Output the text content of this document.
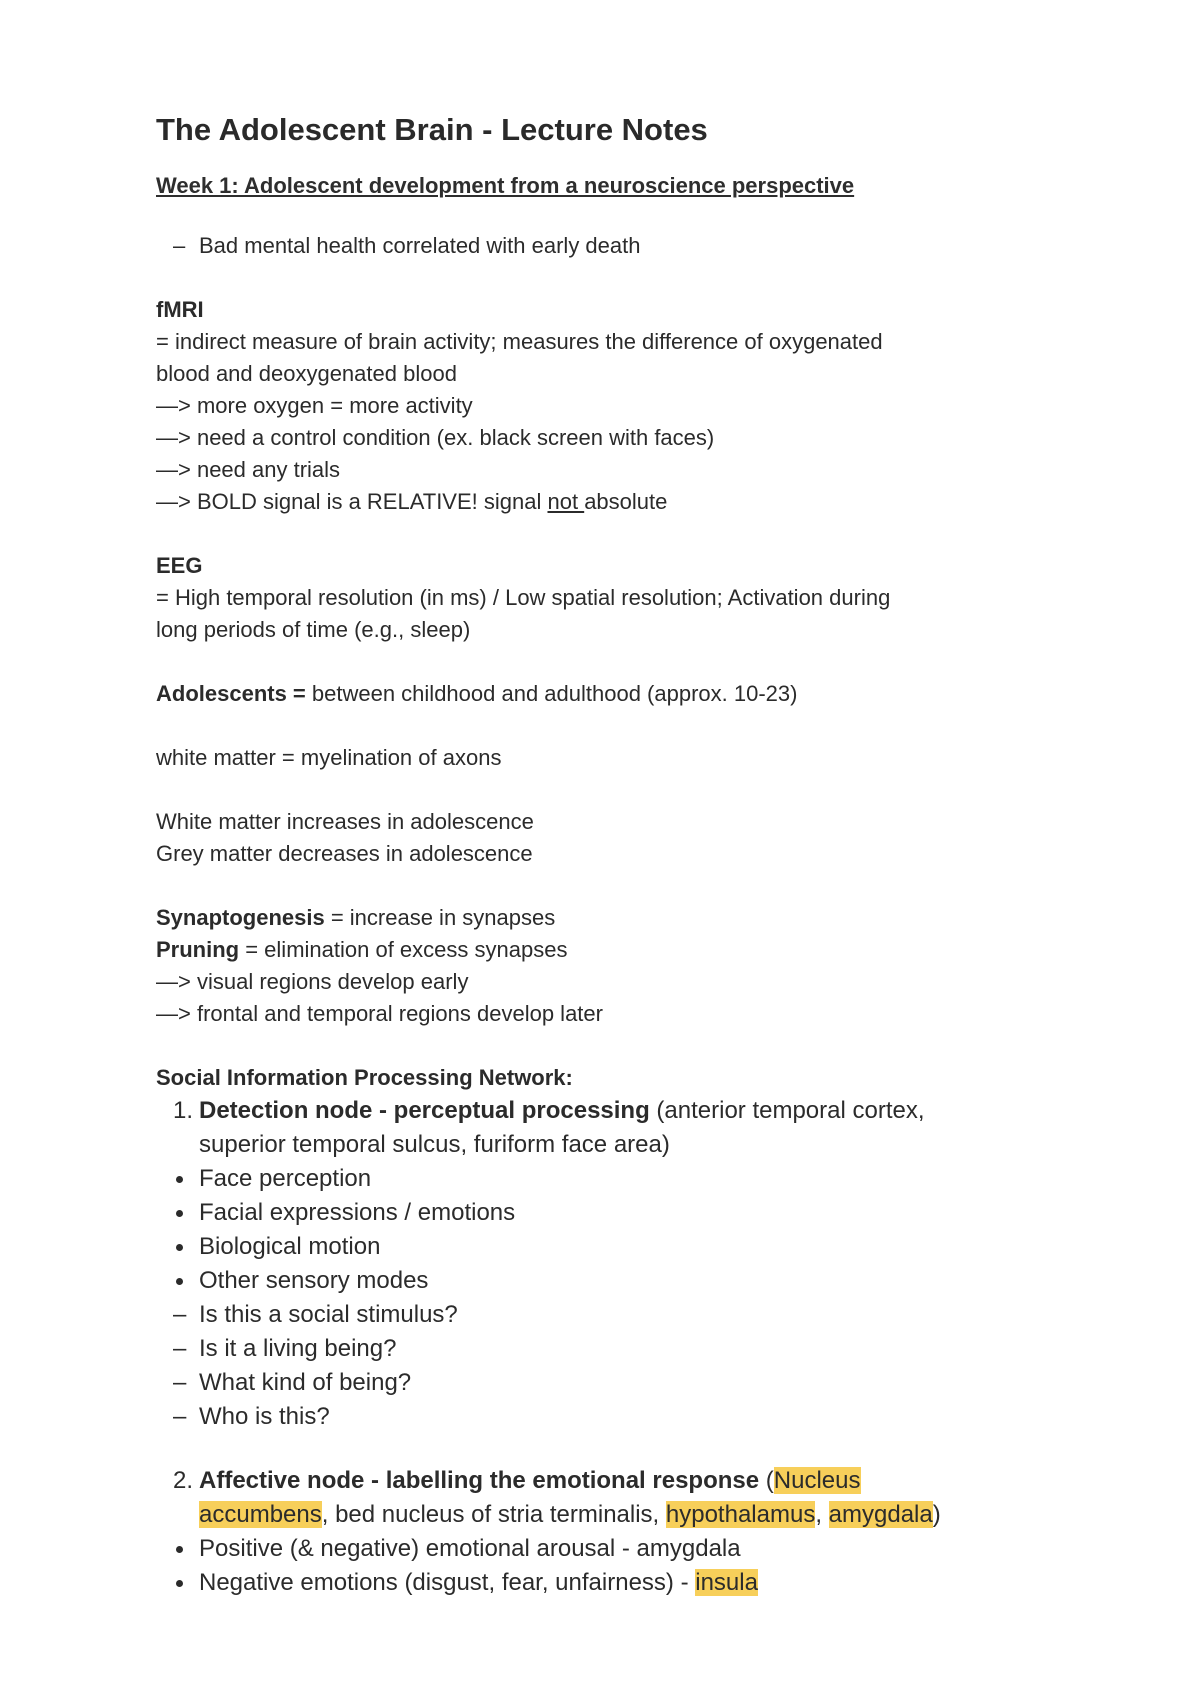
The Adolescent Brain - Lecture Notes
Week 1: Adolescent development from a neuroscience perspective
– Bad mental health correlated with early death
fMRI
= indirect measure of brain activity; measures the difference of oxygenated
blood and deoxygenated blood
—> more oxygen = more activity
—> need a control condition (ex. black screen with faces)
—> need any trials
—> BOLD signal is a RELATIVE! signal not absolute
EEG
= High temporal resolution (in ms) / Low spatial resolution; Activation during
long periods of time (e.g., sleep)
Adolescents = between childhood and adulthood (approx. 10-23)
white matter = myelination of axons
White matter increases in adolescence
Grey matter decreases in adolescence
Synaptogenesis = increase in synapses
Pruning = elimination of excess synapses
—> visual regions develop early
—> frontal and temporal regions develop later
Social Information Processing Network:
1. Detection node - perceptual processing (anterior temporal cortex,
superior temporal sulcus, furiform face area)
Face perception
Facial expressions / emotions
Biological motion
Other sensory modes
– Is this a social stimulus?
– Is it a living being?
– What kind of being?
– Who is this?
2. Affective node - labelling the emotional response (Nucleus
accumbens, bed nucleus of stria terminalis, hypothalamus, amygdala)
Positive (& negative) emotional arousal - amygdala
Negative emotions (disgust, fear, unfairness) - insula
